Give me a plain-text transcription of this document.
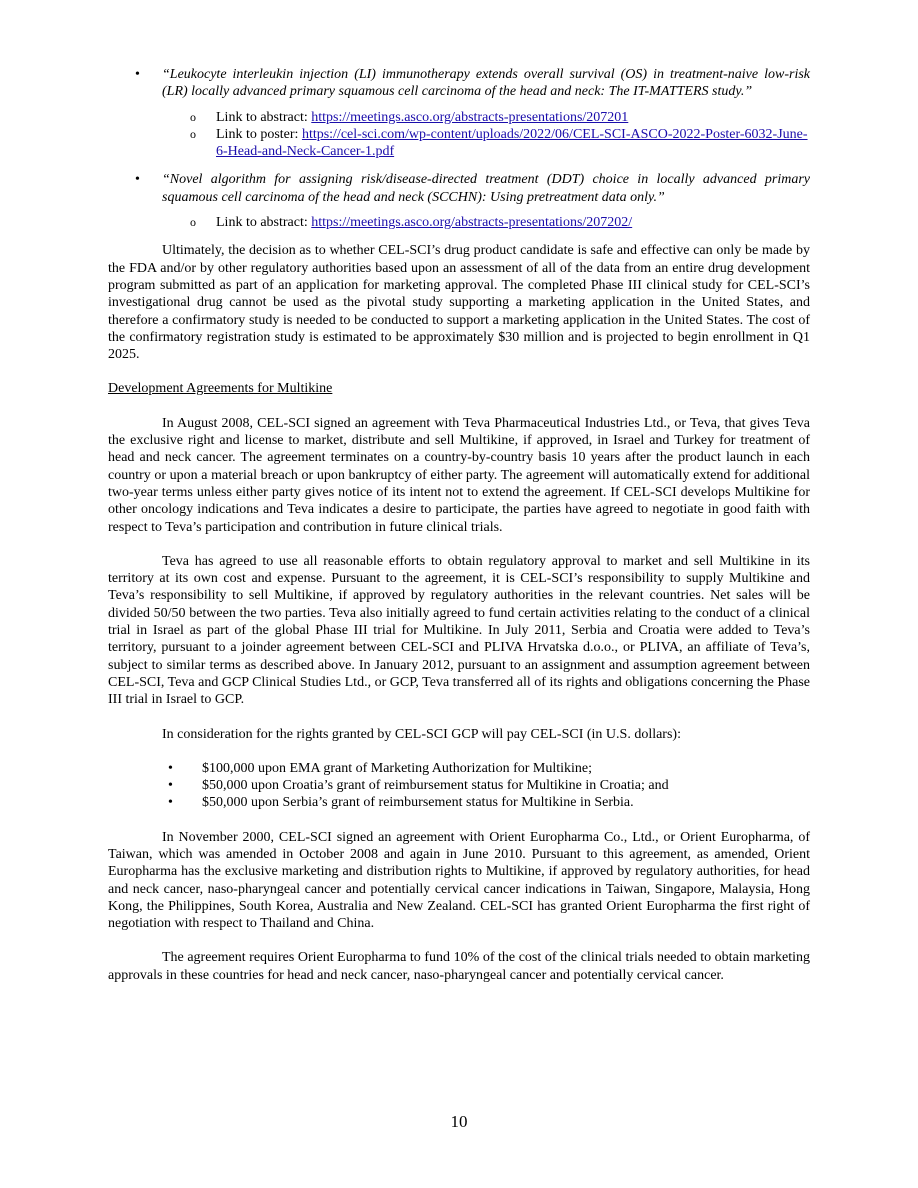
• “Leukocyte interleukin injection (LI) immunotherapy extends overall survival (OS) in treatment-naive low-risk (LR) locally advanced primary squamous cell carcinoma of the head and neck: The IT-MATTERS study.”
o Link to abstract: https://meetings.asco.org/abstracts-presentations/207201
o Link to poster: https://cel-sci.com/wp-content/uploads/2022/06/CEL-SCI-ASCO-2022-Poster-6032-June-6-Head-and-Neck-Cancer-1.pdf
• “Novel algorithm for assigning risk/disease-directed treatment (DDT) choice in locally advanced primary squamous cell carcinoma of the head and neck (SCCHN): Using pretreatment data only.”
o Link to abstract: https://meetings.asco.org/abstracts-presentations/207202/

Ultimately, the decision as to whether CEL-SCI’s drug product candidate is safe and effective can only be made by the FDA and/or by other regulatory authorities based upon an assessment of all of the data from an entire drug development program submitted as part of an application for marketing approval. The completed Phase III clinical study for CEL-SCI’s investigational drug cannot be used as the pivotal study supporting a marketing application in the United States, and therefore a confirmatory study is needed to be conducted to support a marketing application in the United States. The cost of the confirmatory registration study is estimated to be approximately $30 million and is projected to begin enrollment in Q1 2025.

Development Agreements for Multikine

In August 2008, CEL-SCI signed an agreement with Teva Pharmaceutical Industries Ltd., or Teva, that gives Teva the exclusive right and license to market, distribute and sell Multikine, if approved, in Israel and Turkey for treatment of head and neck cancer. The agreement terminates on a country-by-country basis 10 years after the product launch in each country or upon a material breach or upon bankruptcy of either party. The agreement will automatically extend for additional two-year terms unless either party gives notice of its intent not to extend the agreement. If CEL-SCI develops Multikine for other oncology indications and Teva indicates a desire to participate, the parties have agreed to negotiate in good faith with respect to Teva’s participation and contribution in future clinical trials.

Teva has agreed to use all reasonable efforts to obtain regulatory approval to market and sell Multikine in its territory at its own cost and expense. Pursuant to the agreement, it is CEL-SCI’s responsibility to supply Multikine and Teva’s responsibility to sell Multikine, if approved by regulatory authorities in the relevant countries. Net sales will be divided 50/50 between the two parties. Teva also initially agreed to fund certain activities relating to the conduct of a clinical trial in Israel as part of the global Phase III trial for Multikine. In July 2011, Serbia and Croatia were added to Teva’s territory, pursuant to a joinder agreement between CEL-SCI and PLIVA Hrvatska d.o.o., or PLIVA, an affiliate of Teva’s, subject to similar terms as described above. In January 2012, pursuant to an assignment and assumption agreement between CEL-SCI, Teva and GCP Clinical Studies Ltd., or GCP, Teva transferred all of its rights and obligations concerning the Phase III trial in Israel to GCP.

In consideration for the rights granted by CEL-SCI GCP will pay CEL-SCI (in U.S. dollars):

• $100,000 upon EMA grant of Marketing Authorization for Multikine;
• $50,000 upon Croatia’s grant of reimbursement status for Multikine in Croatia; and
• $50,000 upon Serbia’s grant of reimbursement status for Multikine in Serbia.

In November 2000, CEL-SCI signed an agreement with Orient Europharma Co., Ltd., or Orient Europharma, of Taiwan, which was amended in October 2008 and again in June 2010. Pursuant to this agreement, as amended, Orient Europharma has the exclusive marketing and distribution rights to Multikine, if approved by regulatory authorities, for head and neck cancer, naso-pharyngeal cancer and potentially cervical cancer indications in Taiwan, Singapore, Malaysia, Hong Kong, the Philippines, South Korea, Australia and New Zealand. CEL-SCI has granted Orient Europharma the first right of negotiation with respect to Thailand and China.

The agreement requires Orient Europharma to fund 10% of the cost of the clinical trials needed to obtain marketing approvals in these countries for head and neck cancer, naso-pharyngeal cancer and potentially cervical cancer.

10
